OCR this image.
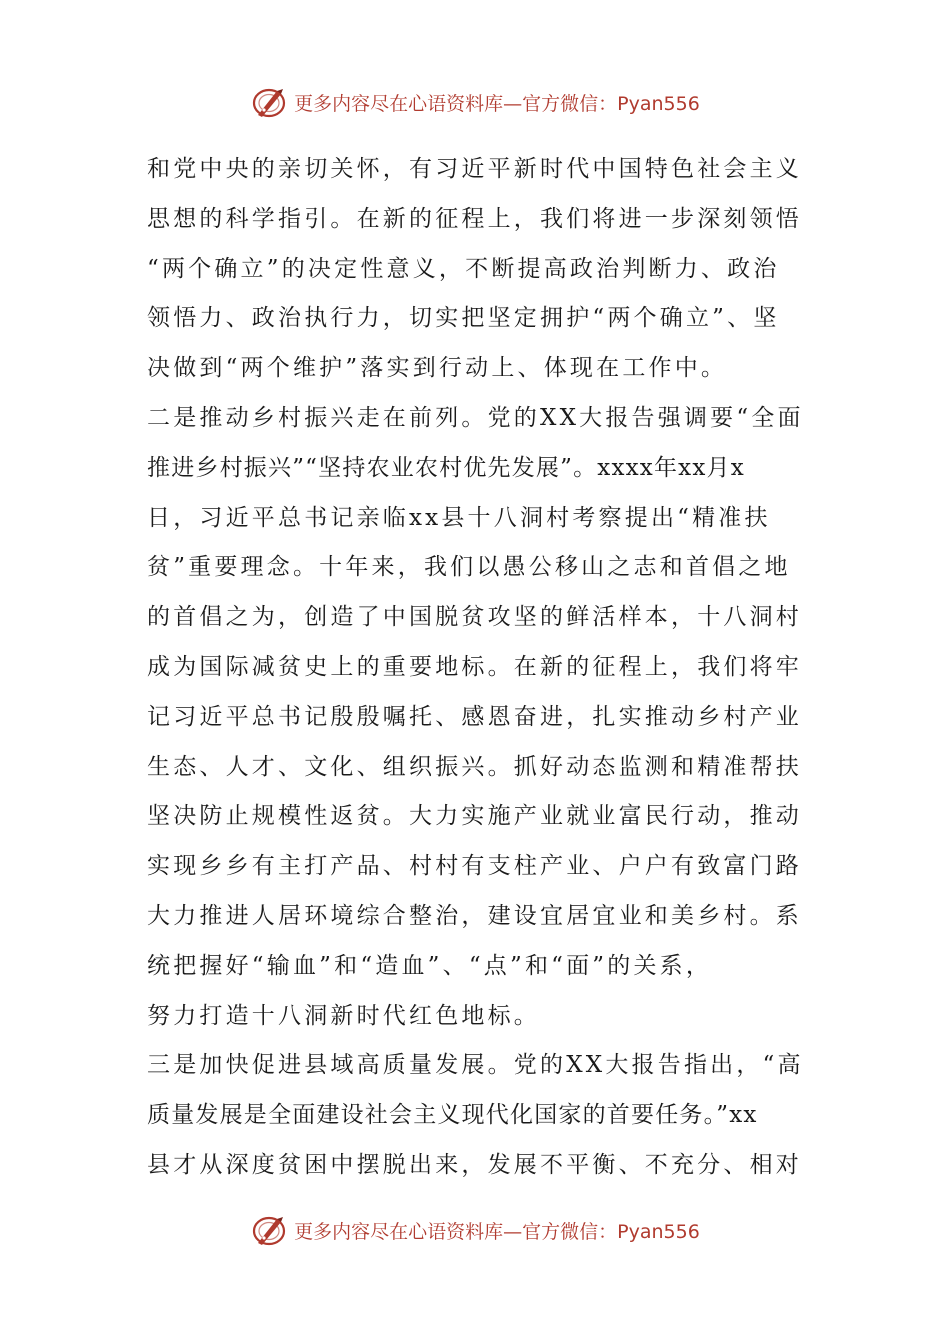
更多内容尽在心语资料库—官方微信：Pyan556
和党中央的亲切关怀，有习近平新时代中国特色社会主义
思想的科学指引。在新的征程上，我们将进一步深刻领悟
“两个确立”的决定性意义，不断提高政治判断力、政治
领悟力、政治执行力，切实把坚定拥护“两个确立”、坚
决做到“两个维护”落实到行动上、体现在工作中。
二是推动乡村振兴走在前列。党的XX大报告强调要“全面
推进乡村振兴”“坚持农业农村优先发展”。xxxx年xx月x
日，习近平总书记亲临xx县十八洞村考察提出“精准扶
贫”重要理念。十年来，我们以愚公移山之志和首倡之地
的首倡之为，创造了中国脱贫攻坚的鲜活样本，十八洞村
成为国际减贫史上的重要地标。在新的征程上，我们将牢
记习近平总书记殷殷嘱托、感恩奋进，扎实推动乡村产业
生态、人才、文化、组织振兴。抓好动态监测和精准帮扶
坚决防止规模性返贫。大力实施产业就业富民行动，推动
实现乡乡有主打产品、村村有支柱产业、户户有致富门路
大力推进人居环境综合整治，建设宜居宜业和美乡村。系
统把握好“输血”和“造血”、“点”和“面”的关系，
努力打造十八洞新时代红色地标。
三是加快促进县域高质量发展。党的XX大报告指出，“高
质量发展是全面建设社会主义现代化国家的首要任务。”xx
县才从深度贫困中摆脱出来，发展不平衡、不充分、相对
更多内容尽在心语资料库—官方微信：Pyan556
